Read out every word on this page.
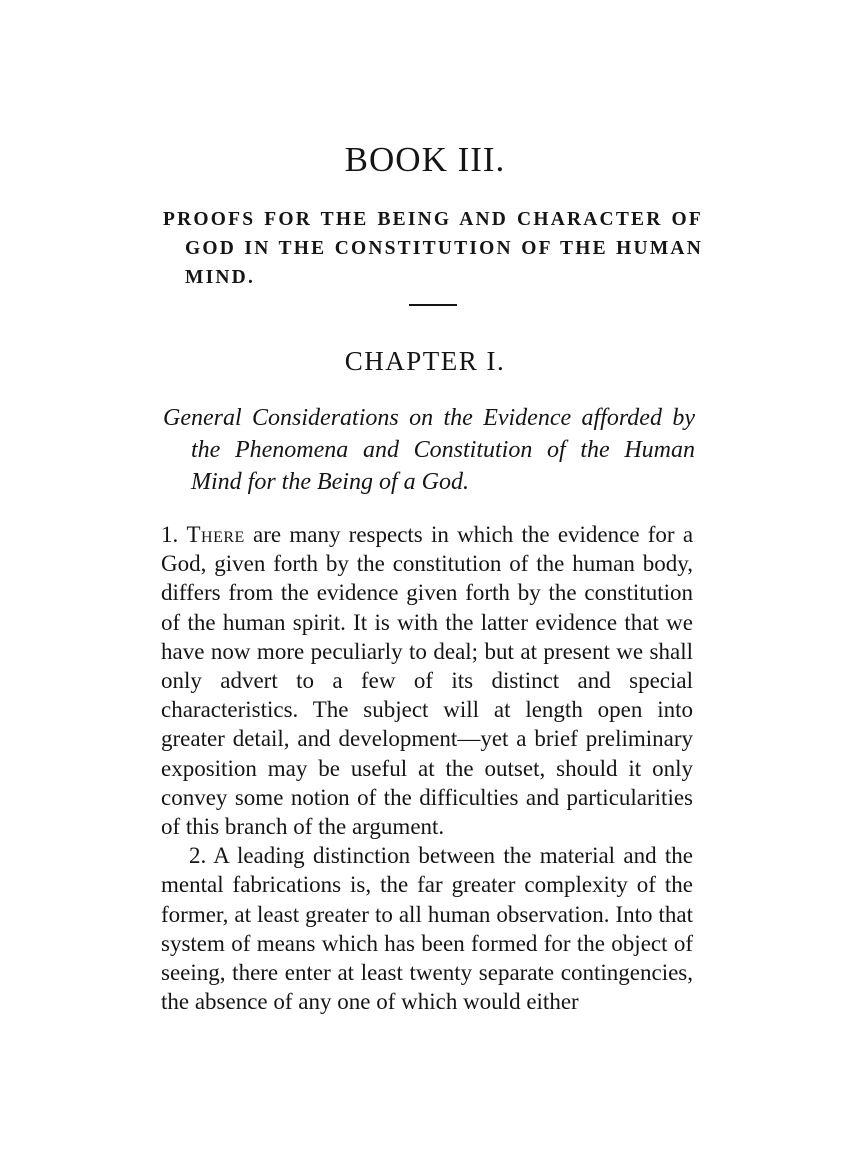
BOOK III.
PROOFS FOR THE BEING AND CHARACTER OF GOD IN THE CONSTITUTION OF THE HUMAN MIND.
CHAPTER I.
General Considerations on the Evidence afforded by the Phenomena and Constitution of the Human Mind for the Being of a God.

1. There are many respects in which the evidence for a God, given forth by the constitution of the human body, differs from the evidence given forth by the constitution of the human spirit. It is with the latter evidence that we have now more peculiarly to deal; but at present we shall only advert to a few of its distinct and special characteristics. The subject will at length open into greater detail, and development—yet a brief preliminary exposition may be useful at the outset, should it only convey some notion of the difficulties and particularities of this branch of the argument.

2. A leading distinction between the material and the mental fabrications is, the far greater complexity of the former, at least greater to all human observation. Into that system of means which has been formed for the object of seeing, there enter at least twenty separate contingencies, the absence of any one of which would either
